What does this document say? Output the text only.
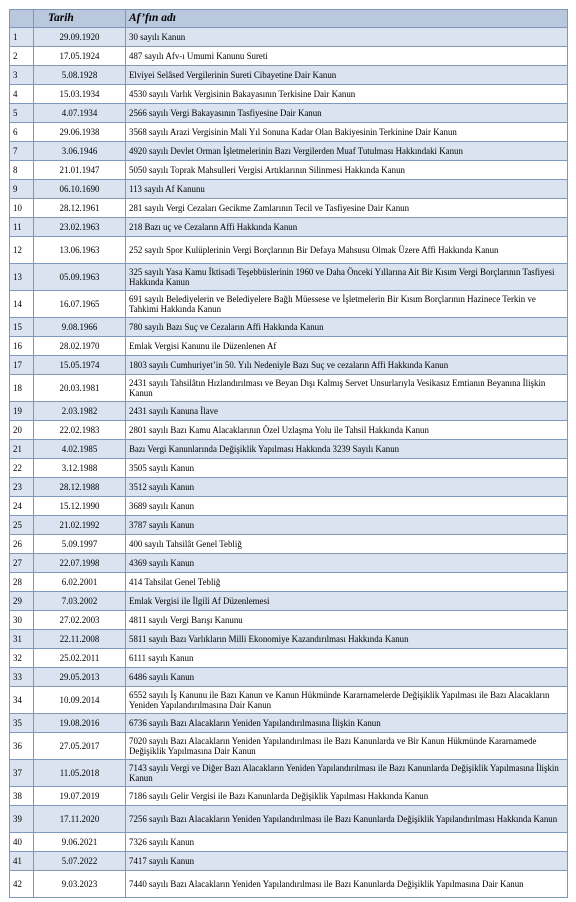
	Tarih	Af’fın adı
1	29.09.1920	30 sayılı Kanun
2	17.05.1924	487 sayılı Afv-ı Umumi Kanunu Sureti
3	5.08.1928	Elviyei Selâsed Vergilerinin Sureti Cibayetine Dair Kanun
4	15.03.1934	4530 sayılı Varlık Vergisinin Bakayasının Terkisine Dair Kanun
5	4.07.1934	2566 sayılı Vergi Bakayasının Tasfiyesine Dair Kanun
6	29.06.1938	3568 sayılı Arazi Vergisinin Mali Yıl Sonuna Kadar Olan Bakiyesinin Terkinine Dair Kanun
7	3.06.1946	4920 sayılı Devlet Orman İşletmelerinin Bazı Vergilerden Muaf Tutulması Hakkındaki Kanun
8	21.01.1947	5050 sayılı Toprak Mahsulleri Vergisi Artıklarının Silinmesi Hakkında Kanun
9	06.10.1690	113 sayılı Af Kanunu
10	28.12.1961	281 sayılı Vergi Cezaları Gecikme Zamlarının Tecil ve Tasfiyesine Dair Kanun
11	23.02.1963	218 Bazı uç ve Cezaların Affi Hakkında Kanun
12	13.06.1963	252 sayılı Spor Kulüplerinin Vergi Borçlarının Bir Defaya Mahsusu Olmak Üzere Affi Hakkında Kanun
13	05.09.1963	325 sayılı Yasa Kamu İktisadi Teşebbüslerinin 1960 ve Daha Önceki Yıllarına Ait Bir Kısım Vergi Borçlarının Tasfiyesi Hakkında Kanun
14	16.07.1965	691 sayılı Belediyelerin ve Belediyelere Bağlı Müessese ve İşletmelerin Bir Kısım Borçlarının Hazinece Terkin ve Tahkimi Hakkında Kanun
15	9.08.1966	780 sayılı Bazı Suç ve Cezaların Affi Hakkında Kanun
16	28.02.1970	Emlak Vergisi Kanunu ile Düzenlenen Af
17	15.05.1974	1803 sayılı Cumhuriyet’in 50. Yılı Nedeniyle Bazı Suç ve cezaların Affi Hakkında Kanun
18	20.03.1981	2431 sayılı Tahsilâtın Hızlandırılması ve Beyan Dışı Kalmış Servet Unsurlarıyla Vesikasız Emtianın Beyanına İlişkin Kanun
19	2.03.1982	2431 sayılı Kanuna İlave
20	22.02.1983	2801 sayılı Bazı Kamu Alacaklarının Özel Uzlaşma Yolu ile Tahsil Hakkında Kanun
21	4.02.1985	Bazı Vergi Kanunlarında Değişiklik Yapılması Hakkında 3239 Sayılı Kanun
22	3.12.1988	3505 sayılı Kanun
23	28.12.1988	3512 sayılı Kanun
24	15.12.1990	3689 sayılı Kanun
25	21.02.1992	3787 sayılı Kanun
26	5.09.1997	400 sayılı Tahsilât Genel Tebliğ
27	22.07.1998	4369 sayılı Kanun
28	6.02.2001	414 Tahsilat Genel Tebliğ
29	7.03.2002	Emlak Vergisi ile İlgili Af Düzenlemesi
30	27.02.2003	4811 sayılı Vergi Barışı Kanunu
31	22.11.2008	5811 sayılı Bazı Varlıkların Milli Ekonomiye Kazandırılması Hakkında Kanun
32	25.02.2011	6111 sayılı Kanun
33	29.05.2013	6486 sayılı Kanun
34	10.09.2014	6552 sayılı İş Kanunu ile Bazı Kanun ve Kanun Hükmünde Kararnamelerde Değişiklik Yapılması ile Bazı Alacakların Yeniden Yapılandırılmasına Dair Kanun
35	19.08.2016	6736 sayılı Bazı Alacakların Yeniden Yapılandırılmasına İlişkin Kanun
36	27.05.2017	7020 sayılı Bazı Alacakların Yeniden Yapılandırılması ile Bazı Kanunlarda ve Bir Kanun Hükmünde Kararnamede Değişiklik Yapılmasına Dair Kanun
37	11.05.2018	7143 sayılı Vergi ve Diğer Bazı Alacakların Yeniden Yapılandırılması ile Bazı Kanunlarda Değişiklik Yapılmasına İlişkin Kanun
38	19.07.2019	7186 sayılı Gelir Vergisi ile Bazı Kanunlarda Değişiklik Yapılması Hakkında Kanun
39	17.11.2020	7256 sayılı Bazı Alacakların Yeniden Yapılandırılması ile Bazı Kanunlarda Değişiklik Yapılandırılması Hakkında Kanun
40	9.06.2021	7326 sayılı Kanun
41	5.07.2022	7417 sayılı Kanun
42	9.03.2023	7440 sayılı Bazı Alacakların Yeniden Yapılandırılması ile Bazı Kanunlarda Değişiklik Yapılmasına Dair Kanun
